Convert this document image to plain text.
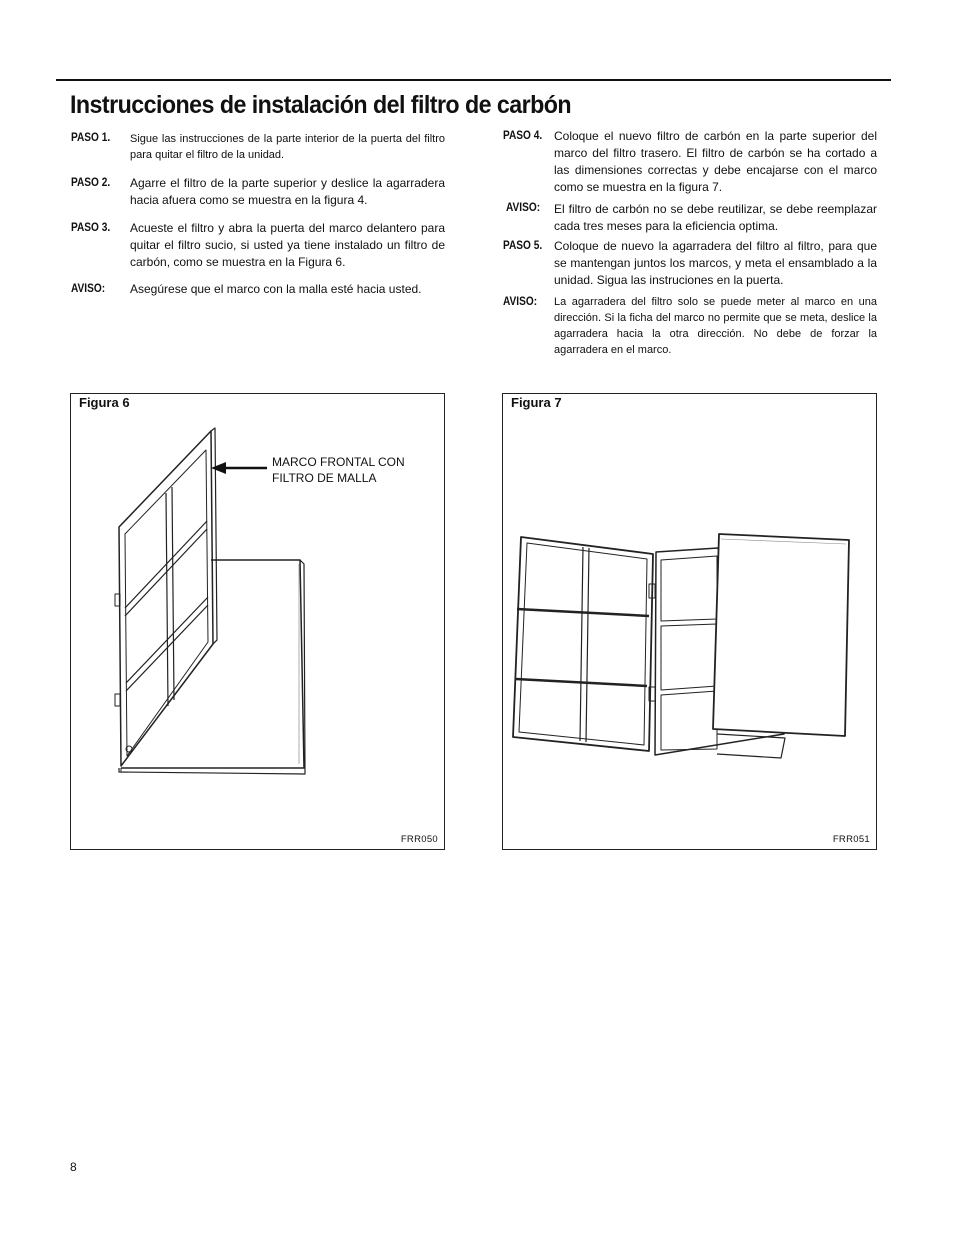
Instrucciones de instalación del filtro de carbón
PASO 1. Sigue las instrucciones de la parte interior de la puerta del filtro para quitar el filtro de la unidad.
PASO 2. Agarre el filtro de la parte superior y deslice la agarradera hacia afuera como se muestra en la figura 4.
PASO 3. Acueste el filtro y abra la puerta del marco delantero para quitar el filtro sucio, si usted ya tiene instalado un filtro de carbón, como se muestra en la Figura 6.
AVISO: Asegúrese que el marco con la malla esté hacia usted.
PASO 4. Coloque el nuevo filtro de carbón en la parte superior del marco del filtro trasero. El filtro de carbón se ha cortado a las dimensiones correctas y debe encajarse con el marco como se muestra en la figura 7.
AVISO: El filtro de carbón no se debe reutilizar, se debe reemplazar cada tres meses para la eficiencia optima.
PASO 5. Coloque de nuevo la agarradera del filtro al filtro, para que se mantengan juntos los marcos, y meta el ensamblado a la unidad. Sigua las instruciones en la puerta.
AVISO: La agarradera del filtro solo se puede meter al marco en una dirección. Si la ficha del marco no permite que se meta, deslice la agarradera hacia la otra dirección. No debe de forzar la agarradera en el marco.
Figura 6
MARCO FRONTAL CON
FILTRO DE MALLA
FRR050
Figura 7
FRR051
8
